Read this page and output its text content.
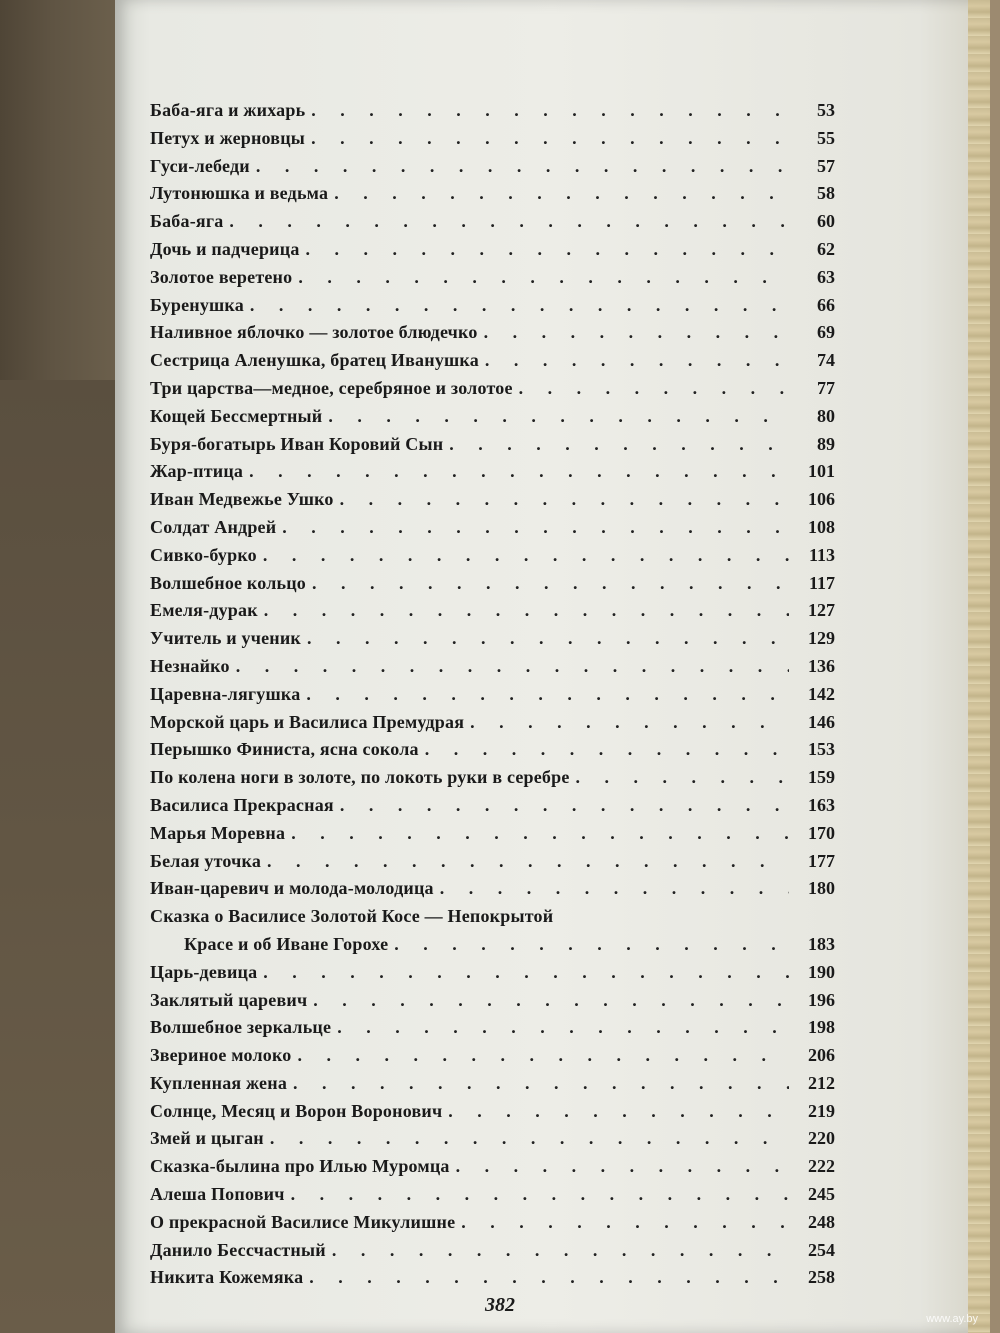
Баба-яга и жихарь . . .	53
Петух и жерновцы . . .	55
Гуси-лебеди . . .	57
Лутонюшка и ведьма . . .	58
Баба-яга . . .	60
Дочь и падчерица . . .	62
Золотое веретено . . .	63
Буренушка . . .	66
Наливное яблочко — золотое блюдечко . . .	69
Сестрица Аленушка, братец Иванушка . . .	74
Три царства—медное, серебряное и золотое . . .	77
Кощей Бессмертный . . .	80
Буря-богатырь Иван Коровий Сын . . .	89
Жар-птица . . .	101
Иван Медвежье Ушко . . .	106
Солдат Андрей . . .	108
Сивко-бурко . . .	113
Волшебное кольцо . . .	117
Емеля-дурак . . .	127
Учитель и ученик . . .	129
Незнайко . . .	136
Царевна-лягушка . . .	142
Морской царь и Василиса Премудрая . . .	146
Перышко Финиста, ясна сокола . . .	153
По колена ноги в золоте, по локоть руки в серебре . . .	159
Василиса Прекрасная . . .	163
Марья Моревна . . .	170
Белая уточка . . .	177
Иван-царевич и молода-молодица . . .	180
Сказка о Василисе Золотой Косе — Непокрытой
Красе и об Иване Горохе . . .	183
Царь-девица . . .	190
Заклятый царевич . . .	196
Волшебное зеркальце . . .	198
Звериное молоко . . .	206
Купленная жена . . .	212
Солнце, Месяц и Ворон Воронович . . .	219
Змей и цыган . . .	220
Сказка-былина про Илью Муромца . . .	222
Алеша Попович . . .	245
О прекрасной Василисе Микулишне . . .	248
Данило Бессчастный . . .	254
Никита Кожемяка . . .	258
382
www.ay.by
